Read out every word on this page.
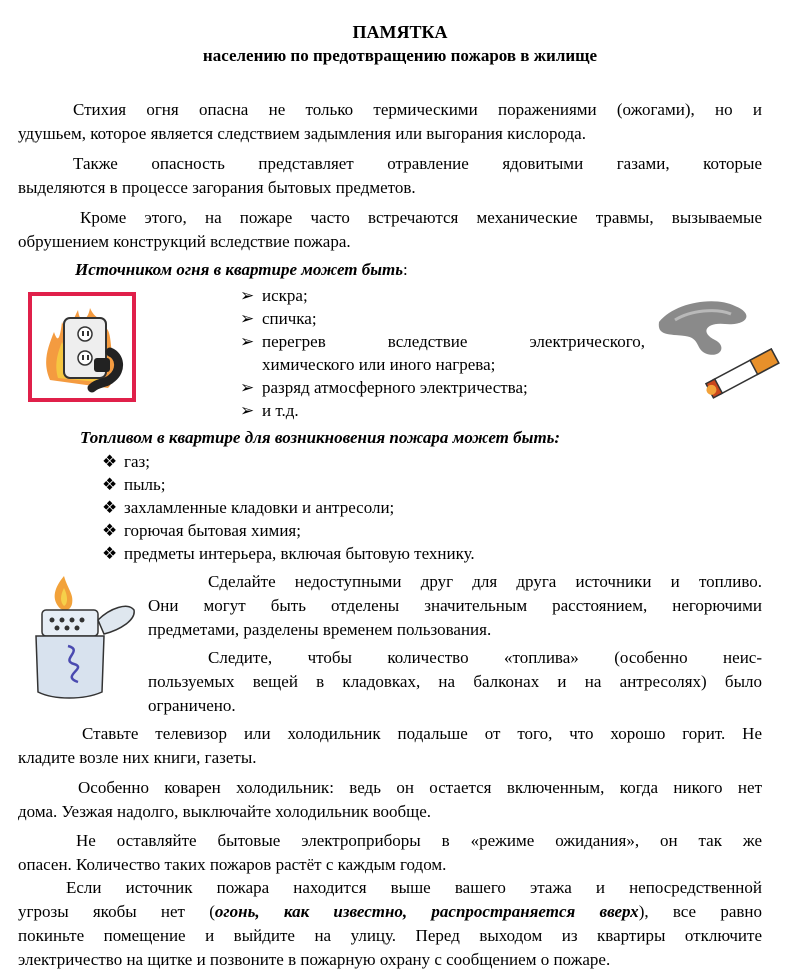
ПАМЯТКА
населению по предотвращению пожаров в жилище
Стихия огня опасна не только термическими поражениями (ожогами), но и
удушьем, которое является следствием задымления или выгорания кислорода.
Также опасность представляет отравление ядовитыми газами, которые
выделяются в процессе загорания бытовых предметов.
Кроме этого, на пожаре часто встречаются механические травмы, вызываемые
обрушением конструкций вследствие пожара.
Источником огня в квартире может быть:
➢ искра;
➢ спичка;
➢ перегрев вследствие электрического,
химического или иного нагрева;
➢ разряд атмосферного электричества;
➢ и т.д.
Топливом в квартире для возникновения пожара может быть:
❖ газ;
❖ пыль;
❖ захламленные кладовки и антресоли;
❖ горючая бытовая химия;
❖ предметы интерьера, включая бытовую технику.
Сделайте недоступными друг для друга источники и топливо.
Они могут быть отделены значительным расстоянием, негорючими
предметами, разделены временем пользования.
Следите, чтобы количество «топлива» (особенно неис-
пользуемых вещей в кладовках, на балконах и на антресолях) было
ограничено.
Ставьте телевизор или холодильник подальше от того, что хорошо горит. Не
кладите возле них книги, газеты.
Особенно коварен холодильник: ведь он остается включенным, когда никого нет
дома. Уезжая надолго, выключайте холодильник вообще.
Не оставляйте бытовые электроприборы в «режиме ожидания», он так же
опасен. Количество таких пожаров растёт с каждым годом.
Если источник пожара находится выше вашего этажа и непосредственной
угрозы якобы нет (огонь, как известно, распространяется вверх), все равно
покиньте помещение и выйдите на улицу. Перед выходом из квартиры отключите
электричество на щитке и позвоните в пожарную охрану с сообщением о пожаре.
